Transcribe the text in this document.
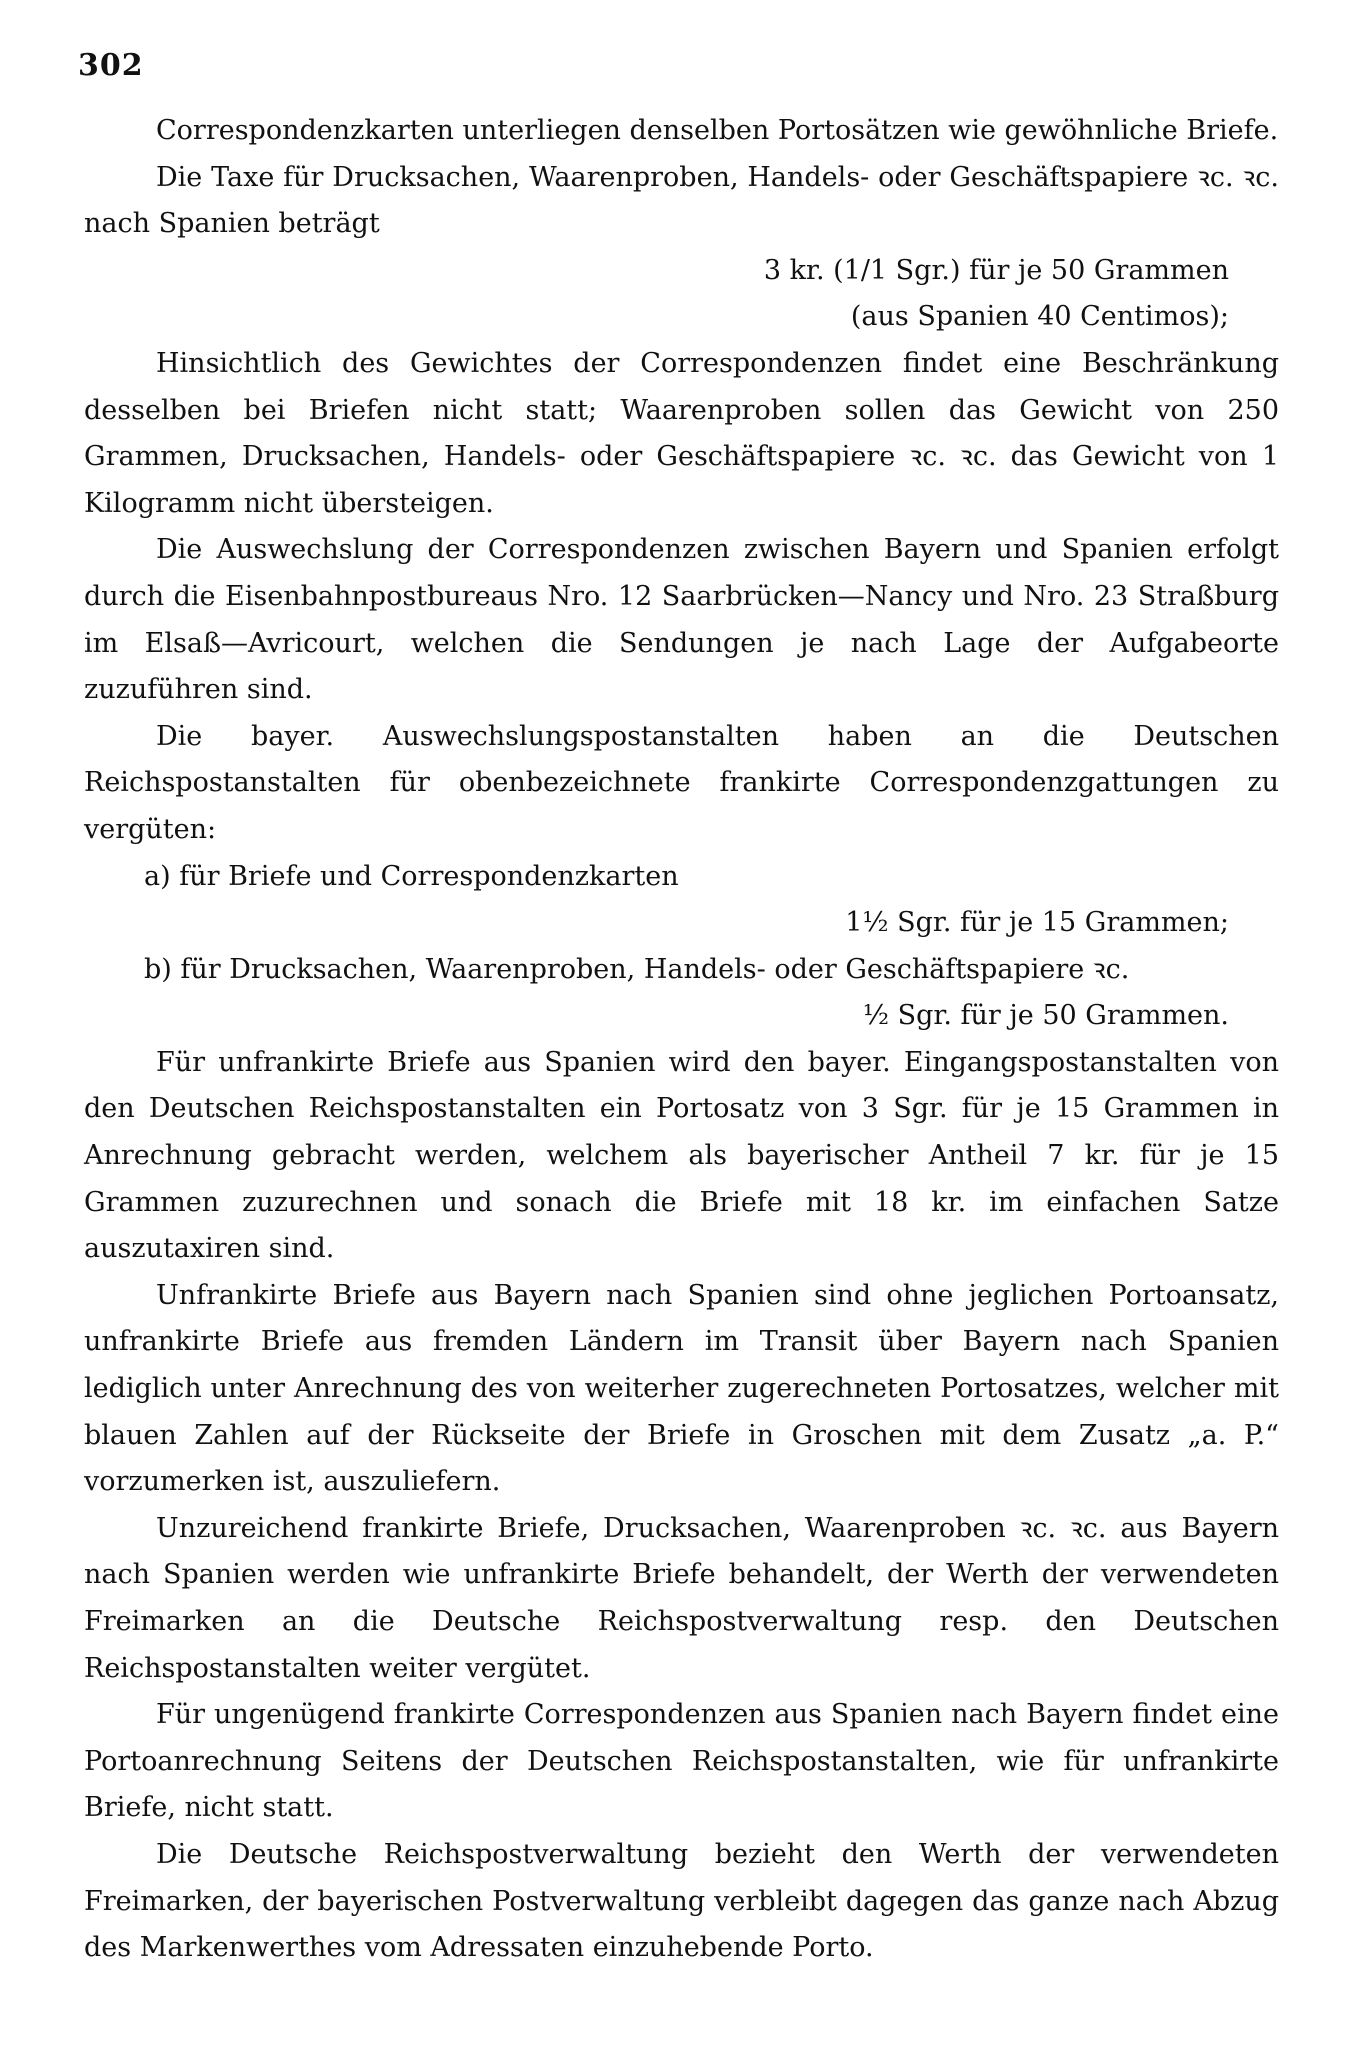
302

Correspondenzkarten unterliegen denselben Portosätzen wie gewöhnliche Briefe.

Die Taxe für Drucksachen, Waarenproben, Handels- oder Geschäftspapiere ꝛc. ꝛc. nach Spanien beträgt

3 kr. (1/1 Sgr.) für je 50 Grammen

(aus Spanien 40 Centimos);

Hinsichtlich des Gewichtes der Correspondenzen findet eine Beschränkung desselben bei Briefen nicht statt; Waarenproben sollen das Gewicht von 250 Grammen, Drucksachen, Handels- oder Geschäftspapiere ꝛc. ꝛc. das Gewicht von 1 Kilogramm nicht übersteigen.

Die Auswechslung der Correspondenzen zwischen Bayern und Spanien erfolgt durch die Eisenbahnpostbureaus Nro. 12 Saarbrücken—Nancy und Nro. 23 Straßburg im Elsaß—Avricourt, welchen die Sendungen je nach Lage der Aufgabeorte zuzuführen sind.

Die bayer. Auswechslungspostanstalten haben an die Deutschen Reichspostanstalten für obenbezeichnete frankirte Correspondenzgattungen zu vergüten:

a) für Briefe und Correspondenzkarten

1½ Sgr. für je 15 Grammen;

b) für Drucksachen, Waarenproben, Handels- oder Geschäftspapiere ꝛc.

½ Sgr. für je 50 Grammen.

Für unfrankirte Briefe aus Spanien wird den bayer. Eingangspostanstalten von den Deutschen Reichspostanstalten ein Portosatz von 3 Sgr. für je 15 Grammen in Anrechnung gebracht werden, welchem als bayerischer Antheil 7 kr. für je 15 Grammen zuzurechnen und sonach die Briefe mit 18 kr. im einfachen Satze auszutaxiren sind.

Unfrankirte Briefe aus Bayern nach Spanien sind ohne jeglichen Portoansatz, unfrankirte Briefe aus fremden Ländern im Transit über Bayern nach Spanien lediglich unter Anrechnung des von weiterher zugerechneten Portosatzes, welcher mit blauen Zahlen auf der Rückseite der Briefe in Groschen mit dem Zusatz „a. P.“ vorzumerken ist, auszuliefern.

Unzureichend frankirte Briefe, Drucksachen, Waarenproben ꝛc. ꝛc. aus Bayern nach Spanien werden wie unfrankirte Briefe behandelt, der Werth der verwendeten Freimarken an die Deutsche Reichspostverwaltung resp. den Deutschen Reichspostanstalten weiter vergütet.

Für ungenügend frankirte Correspondenzen aus Spanien nach Bayern findet eine Portoanrechnung Seitens der Deutschen Reichspostanstalten, wie für unfrankirte Briefe, nicht statt.

Die Deutsche Reichspostverwaltung bezieht den Werth der verwendeten Freimarken, der bayerischen Postverwaltung verbleibt dagegen das ganze nach Abzug des Markenwerthes vom Adressaten einzuhebende Porto.
